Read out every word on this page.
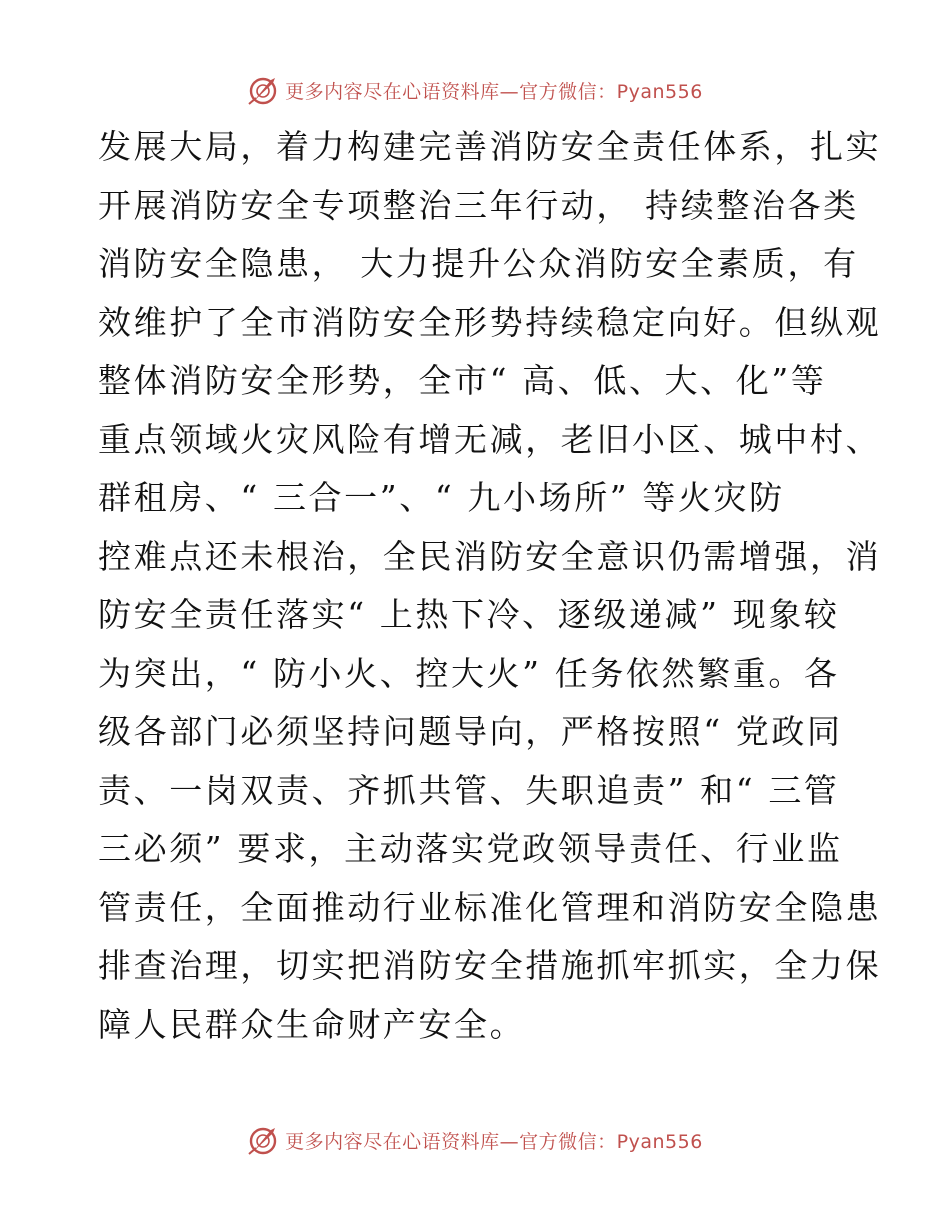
更多内容尽在心语资料库—官方微信：Pyan556
发展大局，着力构建完善消防安全责任体系，扎实
开展消防安全专项整治三年行动， 持续整治各类
消防安全隐患， 大力提升公众消防安全素质，有
效维护了全市消防安全形势持续稳定向好。但纵观
整体消防安全形势，全市“ 高、低、大、化”等
重点领域火灾风险有增无减，老旧小区、城中村、
群租房、“ 三合一”、“ 九小场所” 等火灾防
控难点还未根治，全民消防安全意识仍需增强，消
防安全责任落实“ 上热下冷、逐级递减” 现象较
为突出，“ 防小火、控大火” 任务依然繁重。各
级各部门必须坚持问题导向，严格按照“ 党政同
责、一岗双责、齐抓共管、失职追责” 和“ 三管
三必须” 要求，主动落实党政领导责任、行业监
管责任，全面推动行业标准化管理和消防安全隐患
排查治理，切实把消防安全措施抓牢抓实，全力保
障人民群众生命财产安全。
更多内容尽在心语资料库—官方微信：Pyan556
